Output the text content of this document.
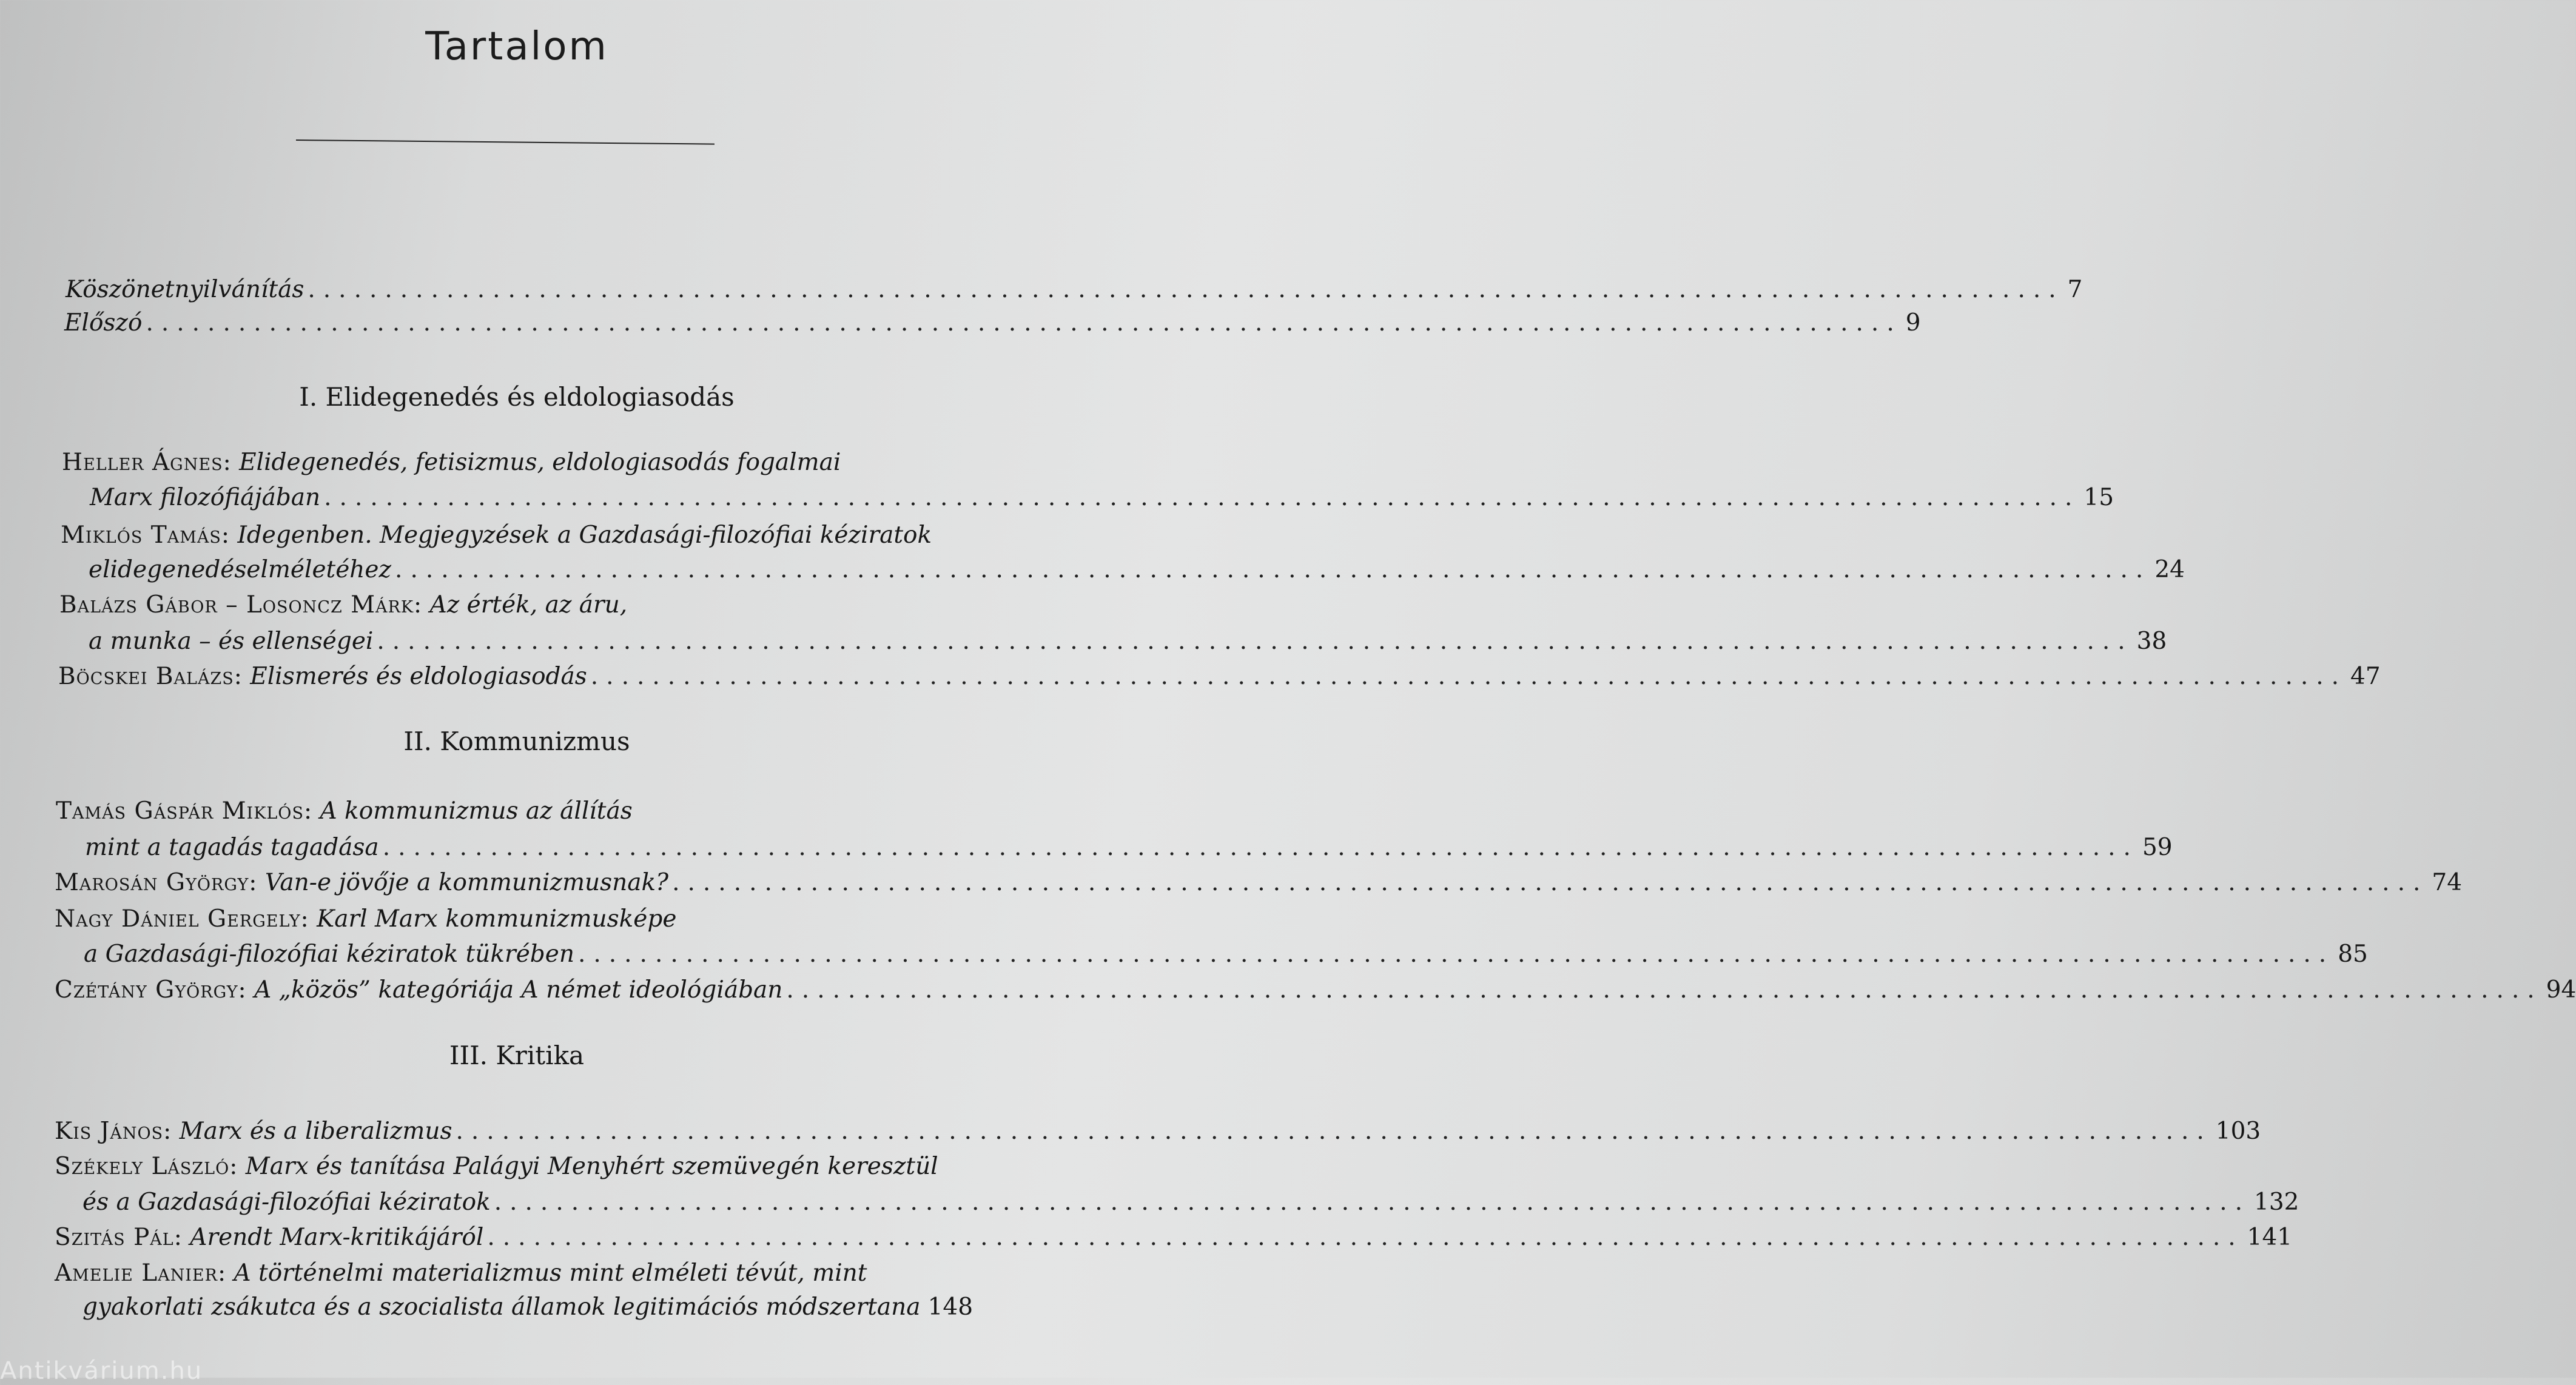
Tartalom
Köszönetnyilvánítás .................................................................................................................. 7
Előszó .................................................................................................................. 9
I. Elidegenedés és eldologiasodás
Heller Ágnes:
Elidegenedés, fetisizmus, eldologiasodás fogalmai
Marx filozófiájában .................................................................................................................. 15
Miklós Tamás:
Idegenben. Megjegyzések a Gazdasági-filozófiai kéziratok
elidegenedéselméletéhez .................................................................................................................. 24
Balázs Gábor – Losoncz Márk:
Az érték, az áru,
a munka – és ellenségei .................................................................................................................. 38
Böcskei Balázs:
Elismerés és eldologiasodás .................................................................................................................. 47
II. Kommunizmus
Tamás Gáspár Miklós:
A kommunizmus az állítás
mint a tagadás tagadása .................................................................................................................. 59
Marosán György:
Van-e jövője a kommunizmusnak? .................................................................................................................. 74
Nagy Dániel Gergely:
Karl Marx kommunizmusképe
a Gazdasági-filozófiai kéziratok tükrében .................................................................................................................. 85
Czétány György:
A „közös” kategóriája A német ideológiában .................................................................................................................. 94
III. Kritika
Kis János:
Marx és a liberalizmus .................................................................................................................. 103
Székely László:
Marx és tanítása Palágyi Menyhért szemüvegén keresztül
és a Gazdasági-filozófiai kéziratok .................................................................................................................. 132
Szitás Pál:
Arendt Marx-kritikájáról .................................................................................................................. 141
Amelie Lanier:
A történelmi materializmus mint elméleti tévút, mint
gyakorlati zsákutca és a szocialista államok legitimációs módszertana 148
Antikvárium.hu
